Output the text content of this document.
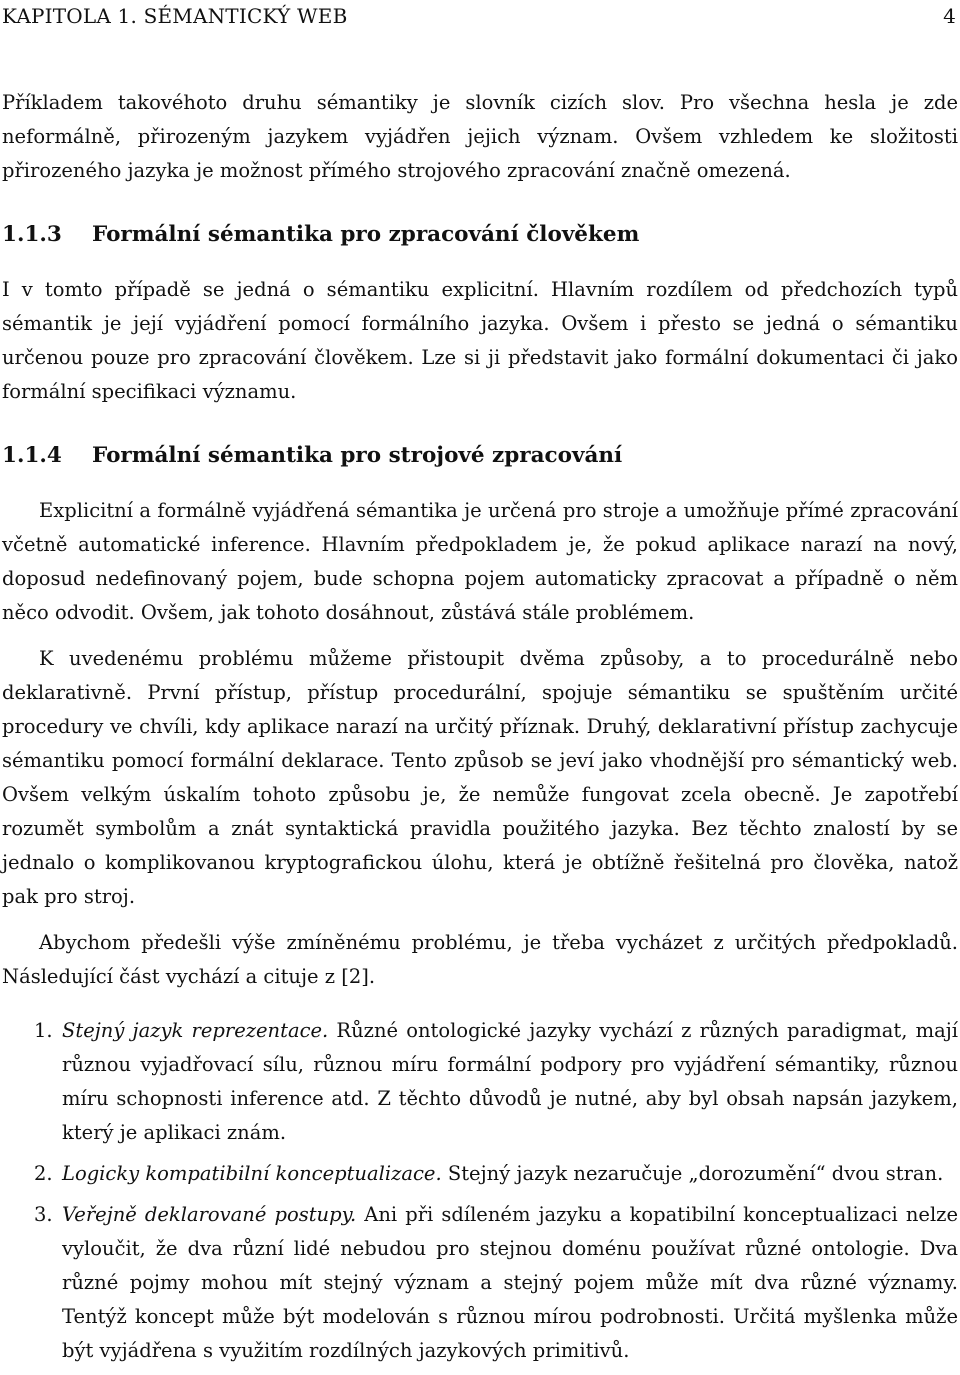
KAPITOLA 1. SÉMANTICKÝ WEB	4

Příkladem takovéhoto druhu sémantiky je slovník cizích slov. Pro všechna hesla je zde neformálně, přirozeným jazykem vyjádřen jejich význam. Ovšem vzhledem ke složitosti přirozeného jazyka je možnost přímého strojového zpracování značně omezená.

1.1.3 Formální sémantika pro zpracování člověkem

I v tomto případě se jedná o sémantiku explicitní. Hlavním rozdílem od předchozích typů sémantik je její vyjádření pomocí formálního jazyka. Ovšem i přesto se jedná o sémantiku určenou pouze pro zpracování člověkem. Lze si ji představit jako formální dokumentaci či jako formální specifikaci významu.

1.1.4 Formální sémantika pro strojové zpracování

Explicitní a formálně vyjádřená sémantika je určená pro stroje a umožňuje přímé zpracování včetně automatické inference. Hlavním předpokladem je, že pokud aplikace narazí na nový, doposud nedefinovaný pojem, bude schopna pojem automaticky zpracovat a případně o něm něco odvodit. Ovšem, jak tohoto dosáhnout, zůstává stále problémem.

K uvedenému problému můžeme přistoupit dvěma způsoby, a to procedurálně nebo deklarativně. První přístup, přístup procedurální, spojuje sémantiku se spuštěním určité procedury ve chvíli, kdy aplikace narazí na určitý příznak. Druhý, deklarativní přístup zachycuje sémantiku pomocí formální deklarace. Tento způsob se jeví jako vhodnější pro sémantický web. Ovšem velkým úskalím tohoto způsobu je, že nemůže fungovat zcela obecně. Je zapotřebí rozumět symbolům a znát syntaktická pravidla použitého jazyka. Bez těchto znalostí by se jednalo o komplikovanou kryptografickou úlohu, která je obtížně řešitelná pro člověka, natož pak pro stroj.

Abychom předešli výše zmíněnému problému, je třeba vycházet z určitých předpokladů. Následující část vychází a cituje z [2].

1. Stejný jazyk reprezentace. Různé ontologické jazyky vychází z různých paradigmat, mají různou vyjadřovací sílu, různou míru formální podpory pro vyjádření sémantiky, různou míru schopnosti inference atd. Z těchto důvodů je nutné, aby byl obsah napsán jazykem, který je aplikaci znám.
2. Logicky kompatibilní konceptualizace. Stejný jazyk nezaručuje „dorozumění“ dvou stran.
3. Veřejně deklarované postupy. Ani při sdíleném jazyku a kopatibilní konceptualizaci nelze vyloučit, že dva různí lidé nebudou pro stejnou doménu používat různé ontologie. Dva různé pojmy mohou mít stejný význam a stejný pojem může mít dva různé významy. Tentýž koncept může být modelován s různou mírou podrobnosti. Určitá myšlenka může být vyjádřena s využitím rozdílných jazykových primitivů.
